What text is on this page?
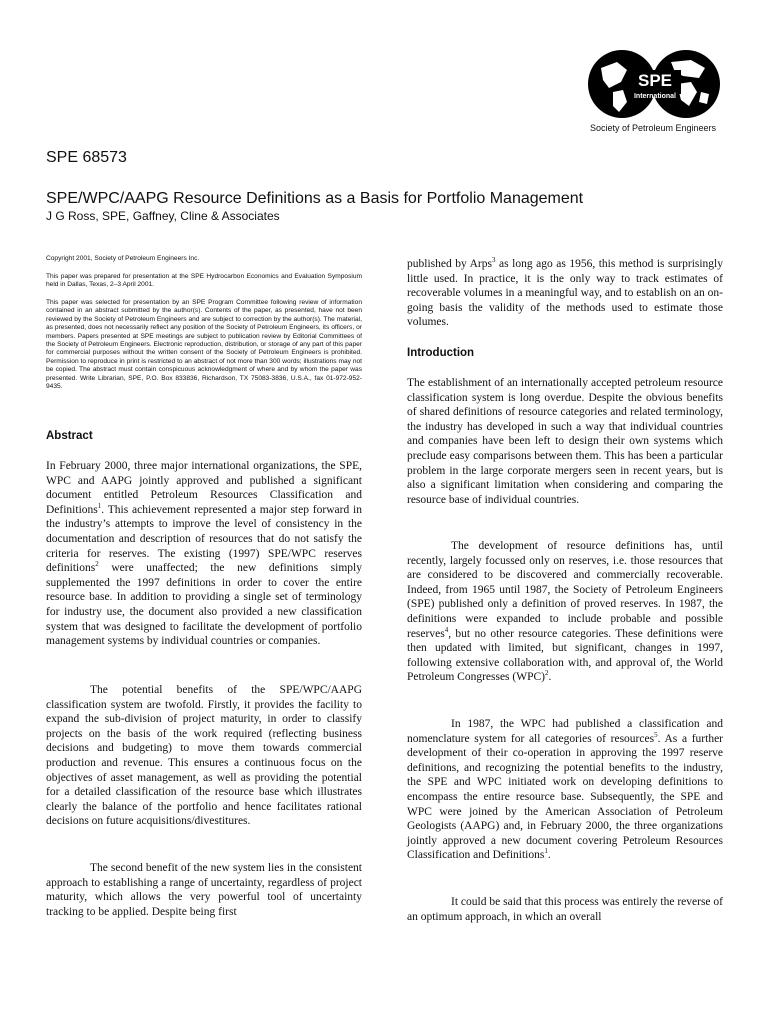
SPE
International
Society of Petroleum Engineers
SPE 68573
SPE/WPC/AAPG Resource Definitions as a Basis for Portfolio Management
J G Ross, SPE, Gaffney, Cline & Associates

Copyright 2001, Society of Petroleum Engineers Inc.

This paper was prepared for presentation at the SPE Hydrocarbon Economics and Evaluation Symposium held in Dallas, Texas, 2–3 April 2001.

This paper was selected for presentation by an SPE Program Committee following review of information contained in an abstract submitted by the author(s). Contents of the paper, as presented, have not been reviewed by the Society of Petroleum Engineers and are subject to correction by the author(s). The material, as presented, does not necessarily reflect any position of the Society of Petroleum Engineers, its officers, or members. Papers presented at SPE meetings are subject to publication review by Editorial Committees of the Society of Petroleum Engineers. Electronic reproduction, distribution, or storage of any part of this paper for commercial purposes without the written consent of the Society of Petroleum Engineers is prohibited. Permission to reproduce in print is restricted to an abstract of not more than 300 words; illustrations may not be copied. The abstract must contain conspicuous acknowledgment of where and by whom the paper was presented. Write Librarian, SPE, P.O. Box 833836, Richardson, TX 75083-3836, U.S.A., fax 01-972-952-9435.

Abstract

In February 2000, three major international organizations, the SPE, WPC and AAPG jointly approved and published a significant document entitled Petroleum Resources Classification and Definitions$^1$. This achievement represented a major step forward in the industry’s attempts to improve the level of consistency in the documentation and description of resources that do not satisfy the criteria for reserves. The existing (1997) SPE/WPC reserves definitions$^2$ were unaffected; the new definitions simply supplemented the 1997 definitions in order to cover the entire resource base. In addition to providing a single set of terminology for industry use, the document also provided a new classification system that was designed to facilitate the development of portfolio management systems by individual countries or companies.

The potential benefits of the SPE/WPC/AAPG classification system are twofold. Firstly, it provides the facility to expand the sub-division of project maturity, in order to classify projects on the basis of the work required (reflecting business decisions and budgeting) to move them towards commercial production and revenue. This ensures a continuous focus on the objectives of asset management, as well as providing the potential for a detailed classification of the resource base which illustrates clearly the balance of the portfolio and hence facilitates rational decisions on future acquisitions/divestitures.

The second benefit of the new system lies in the consistent approach to establishing a range of uncertainty, regardless of project maturity, which allows the very powerful tool of uncertainty tracking to be applied. Despite being first

published by Arps$^3$ as long ago as 1956, this method is surprisingly little used. In practice, it is the only way to track estimates of recoverable volumes in a meaningful way, and to establish on an on-going basis the validity of the methods used to estimate those volumes.

Introduction

The establishment of an internationally accepted petroleum resource classification system is long overdue. Despite the obvious benefits of shared definitions of resource categories and related terminology, the industry has developed in such a way that individual countries and companies have been left to design their own systems which preclude easy comparisons between them. This has been a particular problem in the large corporate mergers seen in recent years, but is also a significant limitation when considering and comparing the resource base of individual countries.

The development of resource definitions has, until recently, largely focussed only on reserves, i.e. those resources that are considered to be discovered and commercially recoverable. Indeed, from 1965 until 1987, the Society of Petroleum Engineers (SPE) published only a definition of proved reserves. In 1987, the definitions were expanded to include probable and possible reserves$^4$, but no other resource categories. These definitions were then updated with limited, but significant, changes in 1997, following extensive collaboration with, and approval of, the World Petroleum Congresses (WPC)$^2$.

In 1987, the WPC had published a classification and nomenclature system for all categories of resources$^5$. As a further development of their co-operation in approving the 1997 reserve definitions, and recognizing the potential benefits to the industry, the SPE and WPC initiated work on developing definitions to encompass the entire resource base. Subsequently, the SPE and WPC were joined by the American Association of Petroleum Geologists (AAPG) and, in February 2000, the three organizations jointly approved a new document covering Petroleum Resources Classification and Definitions$^1$.

It could be said that this process was entirely the reverse of an optimum approach, in which an overall
